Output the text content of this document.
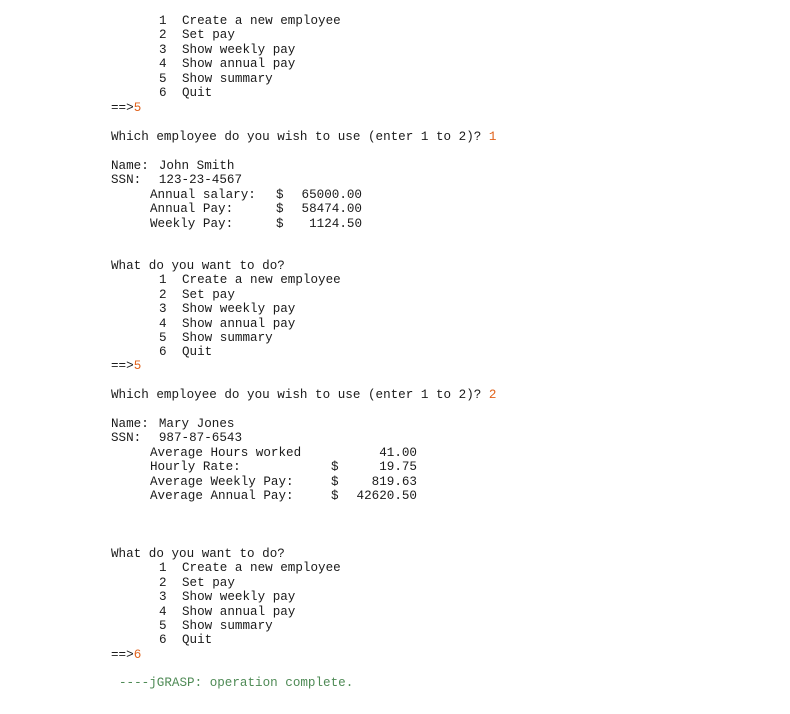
1 Create a new employee
2 Set pay
3 Show weekly pay
4 Show annual pay
5 Show summary
6 Quit
==>5
Which employee do you wish to use (enter 1 to 2)? 1
Name: John Smith
SSN: 123-23-4567
Annual salary: $ 65000.00
Annual Pay:	$ 58474.00
Weekly Pay:	$ 1124.50
What do you want to do?
1 Create a new employee
2 Set pay
3 Show weekly pay
4 Show annual pay
5 Show summary
6 Quit
==>5
Which employee do you wish to use (enter 1 to 2)? 2
Name: Mary Jones
SSN: 987-87-6543
Average Hours worked	41.00
Hourly Rate:	$	19.75
Average Weekly Pay:	$	819.63
Average Annual Pay:	$ 42620.50
What do you want to do?
1 Create a new employee
2 Set pay
3 Show weekly pay
4 Show annual pay
5 Show summary
6 Quit
==>6
----jGRASP: operation complete.
